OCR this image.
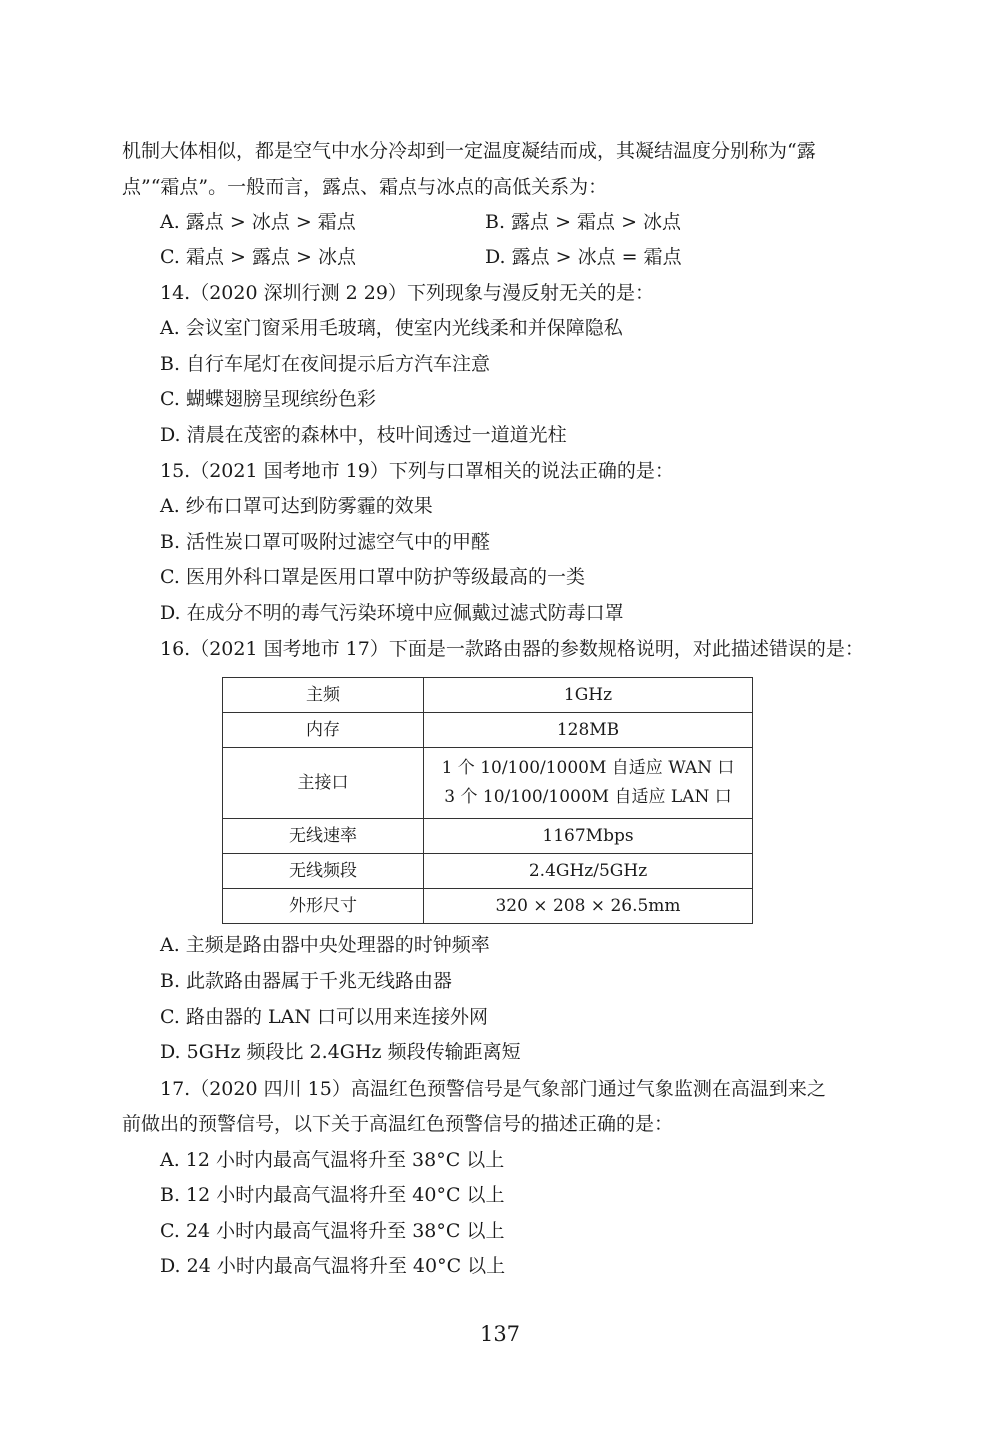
机制大体相似，都是空气中水分冷却到一定温度凝结而成，其凝结温度分别称为“露
点”“霜点”。一般而言，露点、霜点与冰点的高低关系为：
A. 露点 > 冰点 > 霜点	B. 露点 > 霜点 > 冰点
C. 霜点 > 露点 > 冰点	D. 露点 > 冰点 = 霜点
14.（2020 深圳行测 2 29）下列现象与漫反射无关的是：
A. 会议室门窗采用毛玻璃，使室内光线柔和并保障隐私
B. 自行车尾灯在夜间提示后方汽车注意
C. 蝴蝶翅膀呈现缤纷色彩
D. 清晨在茂密的森林中，枝叶间透过一道道光柱
15.（2021 国考地市 19）下列与口罩相关的说法正确的是：
A. 纱布口罩可达到防雾霾的效果
B. 活性炭口罩可吸附过滤空气中的甲醛
C. 医用外科口罩是医用口罩中防护等级最高的一类
D. 在成分不明的毒气污染环境中应佩戴过滤式防毒口罩
16.（2021 国考地市 17）下面是一款路由器的参数规格说明，对此描述错误的是：
主频	1GHz
内存	128MB
主接口	1 个 10/100/1000M 自适应 WAN 口
3 个 10/100/1000M 自适应 LAN 口

无线速率	1167Mbps
无线频段	2.4GHz/5GHz
外形尺寸	320 × 208 × 26.5mm
A. 主频是路由器中央处理器的时钟频率
B. 此款路由器属于千兆无线路由器
C. 路由器的 LAN 口可以用来连接外网
D. 5GHz 频段比 2.4GHz 频段传输距离短
17.（2020 四川 15）高温红色预警信号是气象部门通过气象监测在高温到来之
前做出的预警信号，以下关于高温红色预警信号的描述正确的是：
A. 12 小时内最高气温将升至 38°C 以上
B. 12 小时内最高气温将升至 40°C 以上
C. 24 小时内最高气温将升至 38°C 以上
D. 24 小时内最高气温将升至 40°C 以上
137
